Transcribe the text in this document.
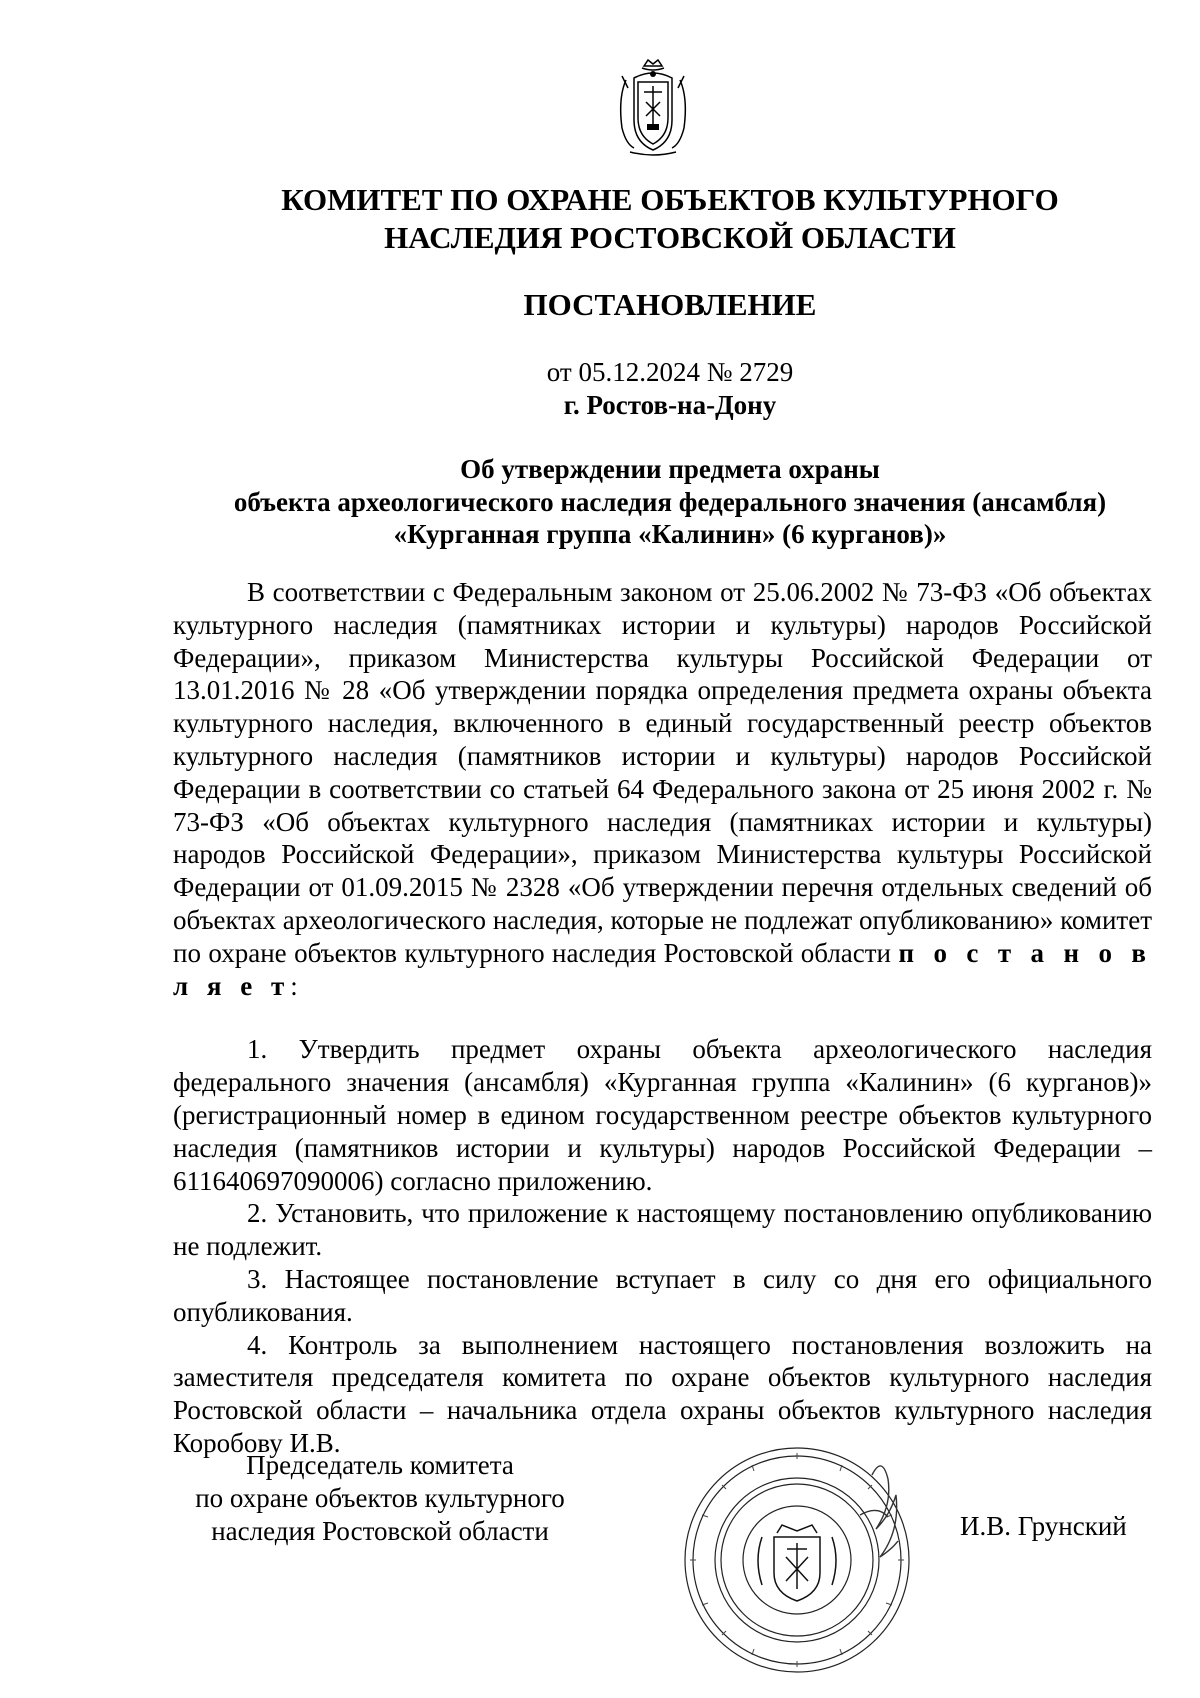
КОМИТЕТ ПО ОХРАНЕ ОБЪЕКТОВ КУЛЬТУРНОГО
НАСЛЕДИЯ РОСТОВСКОЙ ОБЛАСТИ
ПОСТАНОВЛЕНИЕ
от 05.12.2024 № 2729
г. Ростов-на-Дону
Об утверждении предмета охраны
объекта археологического наследия федерального значения (ансамбля)
«Курганная группа «Калинин» (6 курганов)»

В соответствии с Федеральным законом от 25.06.2002 № 73-ФЗ «Об объектах культурного наследия (памятниках истории и культуры) народов Российской Федерации», приказом Министерства культуры Российской Федерации от 13.01.2016 № 28 «Об утверждении порядка определения предмета охраны объекта культурного наследия, включенного в единый государственный реестр объектов культурного наследия (памятников истории и культуры) народов Российской Федерации в соответствии со статьей 64 Федерального закона от 25 июня 2002 г. № 73-ФЗ «Об объектах культурного наследия (памятниках истории и культуры) народов Российской Федерации», приказом Министерства культуры Российской Федерации от 01.09.2015 № 2328 «Об утверждении перечня отдельных сведений об объектах археологического наследия, которые не подлежат опубликованию» комитет по охране объектов культурного наследия Ростовской области п о с т а н о в л я е т:

1. Утвердить предмет охраны объекта археологического наследия федерального значения (ансамбля) «Курганная группа «Калинин» (6 курганов)» (регистрационный номер в едином государственном реестре объектов культурного наследия (памятников истории и культуры) народов Российской Федерации – 611640697090006) согласно приложению.

2. Установить, что приложение к настоящему постановлению опубликованию не подлежит.

3. Настоящее постановление вступает в силу со дня его официального опубликования.

4. Контроль за выполнением настоящего постановления возложить на заместителя председателя комитета по охране объектов культурного наследия Ростовской области – начальника отдела охраны объектов культурного наследия Коробову И.В.

Председатель комитета
по охране объектов культурного
наследия Ростовской области	И.В. Грунский
